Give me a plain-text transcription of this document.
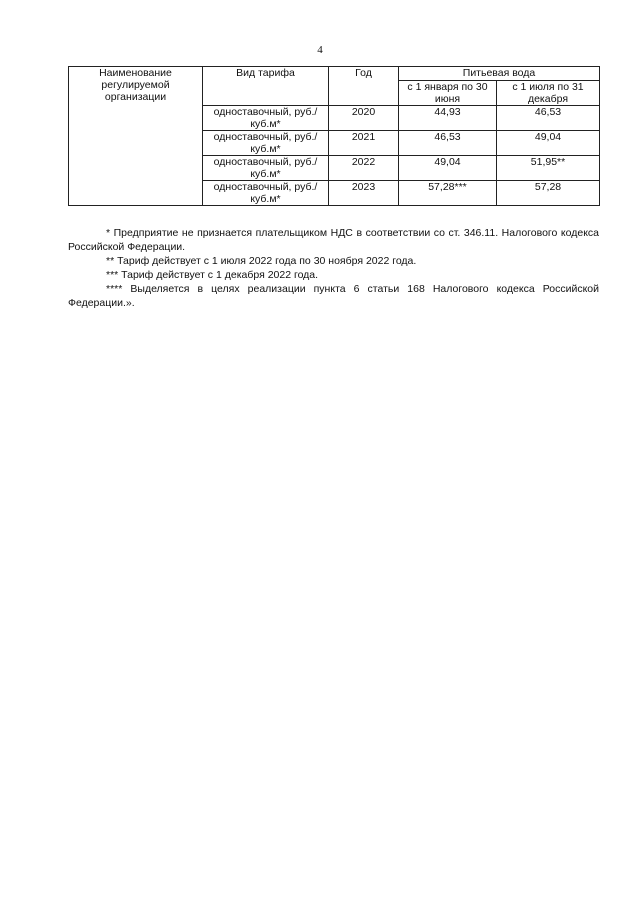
4
Наименование регулируемой организации	Вид тарифа	Год	Питьевая вода	
			с 1 января по 30 июня	с 1 июля по 31 декабря
	одноставочный, руб./куб.м*	2020	44,93	46,53
	одноставочный, руб./куб.м*	2021	46,53	49,04
	одноставочный, руб./куб.м*	2022	49,04	51,95**
	одноставочный, руб./куб.м*	2023	57,28***	57,28

* Предприятие не признается плательщиком НДС в соответствии со ст. 346.11. Налогового кодекса Российской Федерации.

** Тариф действует с 1 июля 2022 года по 30 ноября 2022 года.

*** Тариф действует с 1 декабря 2022 года.

**** Выделяется в целях реализации пункта 6 статьи 168 Налогового кодекса Российской Федерации.».
